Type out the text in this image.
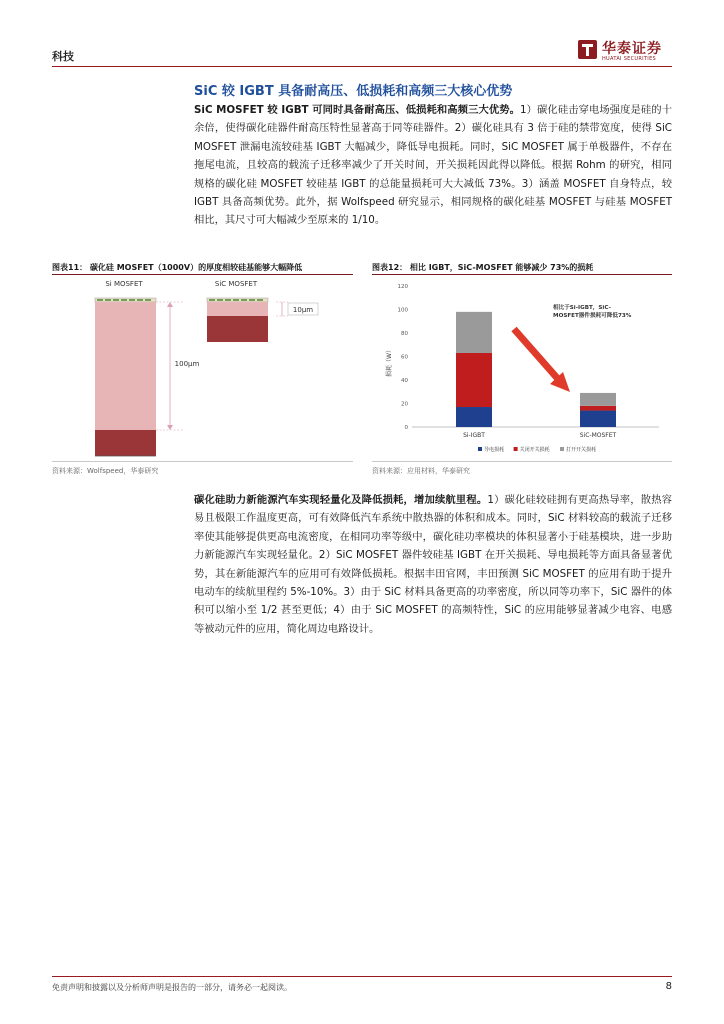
科技	华泰证券
HUATAI SECURITIES
SiC 较 IGBT 具备耐高压、低损耗和高频三大核心优势
SiC MOSFET 较 IGBT 可同时具备耐高压、低损耗和高频三大优势。1）碳化硅击穿电场强度是硅的十余倍，使得碳化硅器件耐高压特性显著高于同等硅器件。2）碳化硅具有 3 倍于硅的禁带宽度，使得 SiC MOSFET 泄漏电流较硅基 IGBT 大幅减少，降低导电损耗。同时，SiC MOSFET 属于单极器件，不存在拖尾电流，且较高的载流子迁移率减少了开关时间，开关损耗因此得以降低。根据 Rohm 的研究，相同规格的碳化硅 MOSFET 较硅基 IGBT 的总能量损耗可大大减低 73%。3）涵盖 MOSFET 自身特点，较 IGBT 具备高频优势。此外，据 Wolfspeed 研究显示，相同规格的碳化硅基 MOSFET 与硅基 MOSFET 相比，其尺寸可大幅减少至原来的 1/10。
图表11： 碳化硅 MOSFET（1000V）的厚度相较硅基能够大幅降低
Si MOSFET	SiC MOSFET
10μm
100μm
资料来源：Wolfspeed，华泰研究
图表12： 相比 IGBT，SiC-MOSFET 能够减少 73%的损耗
0
20
40
60
80
100
120
Si-IGBT	SiC-MOSFET
损耗（W）
相比于Si-IGBT，SiC-MOSFET器件损耗可降低73%
导电损耗	关闭开关损耗	打开开关损耗
资料来源：应用材料，华泰研究
碳化硅助力新能源汽车实现轻量化及降低损耗，增加续航里程。1）碳化硅较硅拥有更高热导率，散热容易且极限工作温度更高，可有效降低汽车系统中散热器的体积和成本。同时，SiC 材料较高的载流子迁移率使其能够提供更高电流密度，在相同功率等级中，碳化硅功率模块的体积显著小于硅基模块，进一步助力新能源汽车实现轻量化。2）SiC MOSFET 器件较硅基 IGBT 在开关损耗、导电损耗等方面具备显著优势，其在新能源汽车的应用可有效降低损耗。根据丰田官网，丰田预测 SiC MOSFET 的应用有助于提升电动车的续航里程约 5%-10%。3）由于 SiC 材料具备更高的功率密度，所以同等功率下，SiC 器件的体积可以缩小至 1/2 甚至更低；4）由于 SiC MOSFET 的高频特性，SiC 的应用能够显著减少电容、电感等被动元件的应用，简化周边电路设计。
免责声明和披露以及分析师声明是报告的一部分，请务必一起阅读。	8
